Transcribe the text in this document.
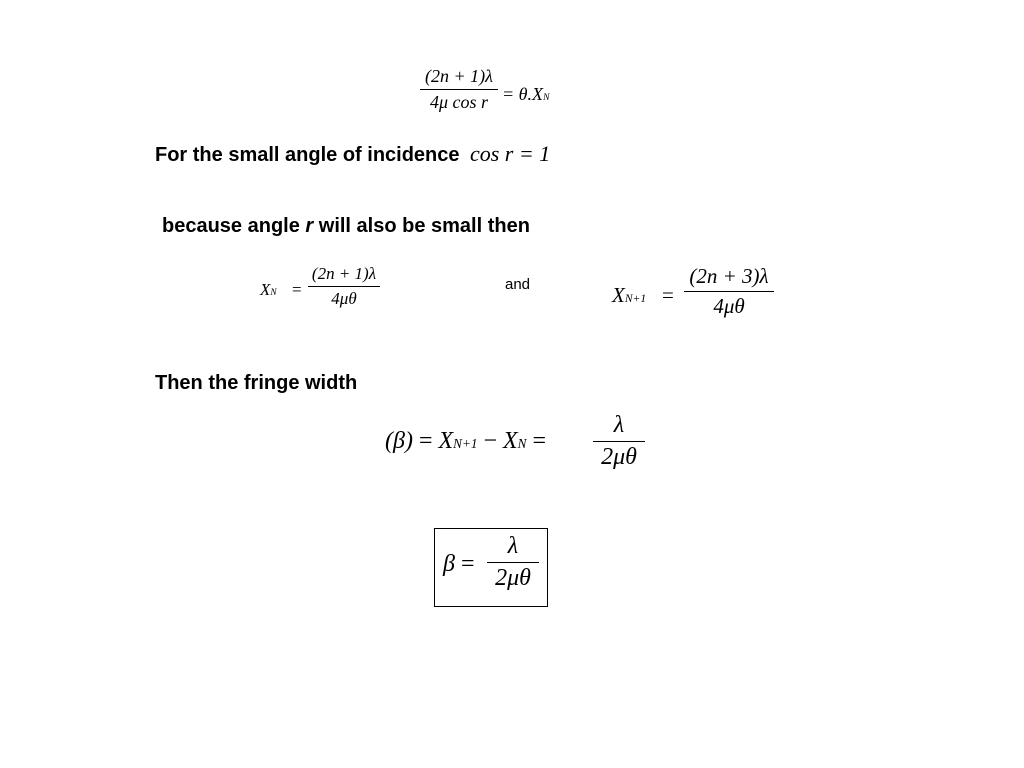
(2n + 1)λ
4μ cos r = θ.XN
For the small angle of incidence cos r = 1
because angle r will also be small then
XN =
(2n + 1)λ
4μθ
and	XN+1 =
(2n + 3)λ
4μθ
Then the fringe width
(β) = XN+1 − XN =
λ
2μθ
β =
λ
2μθ
